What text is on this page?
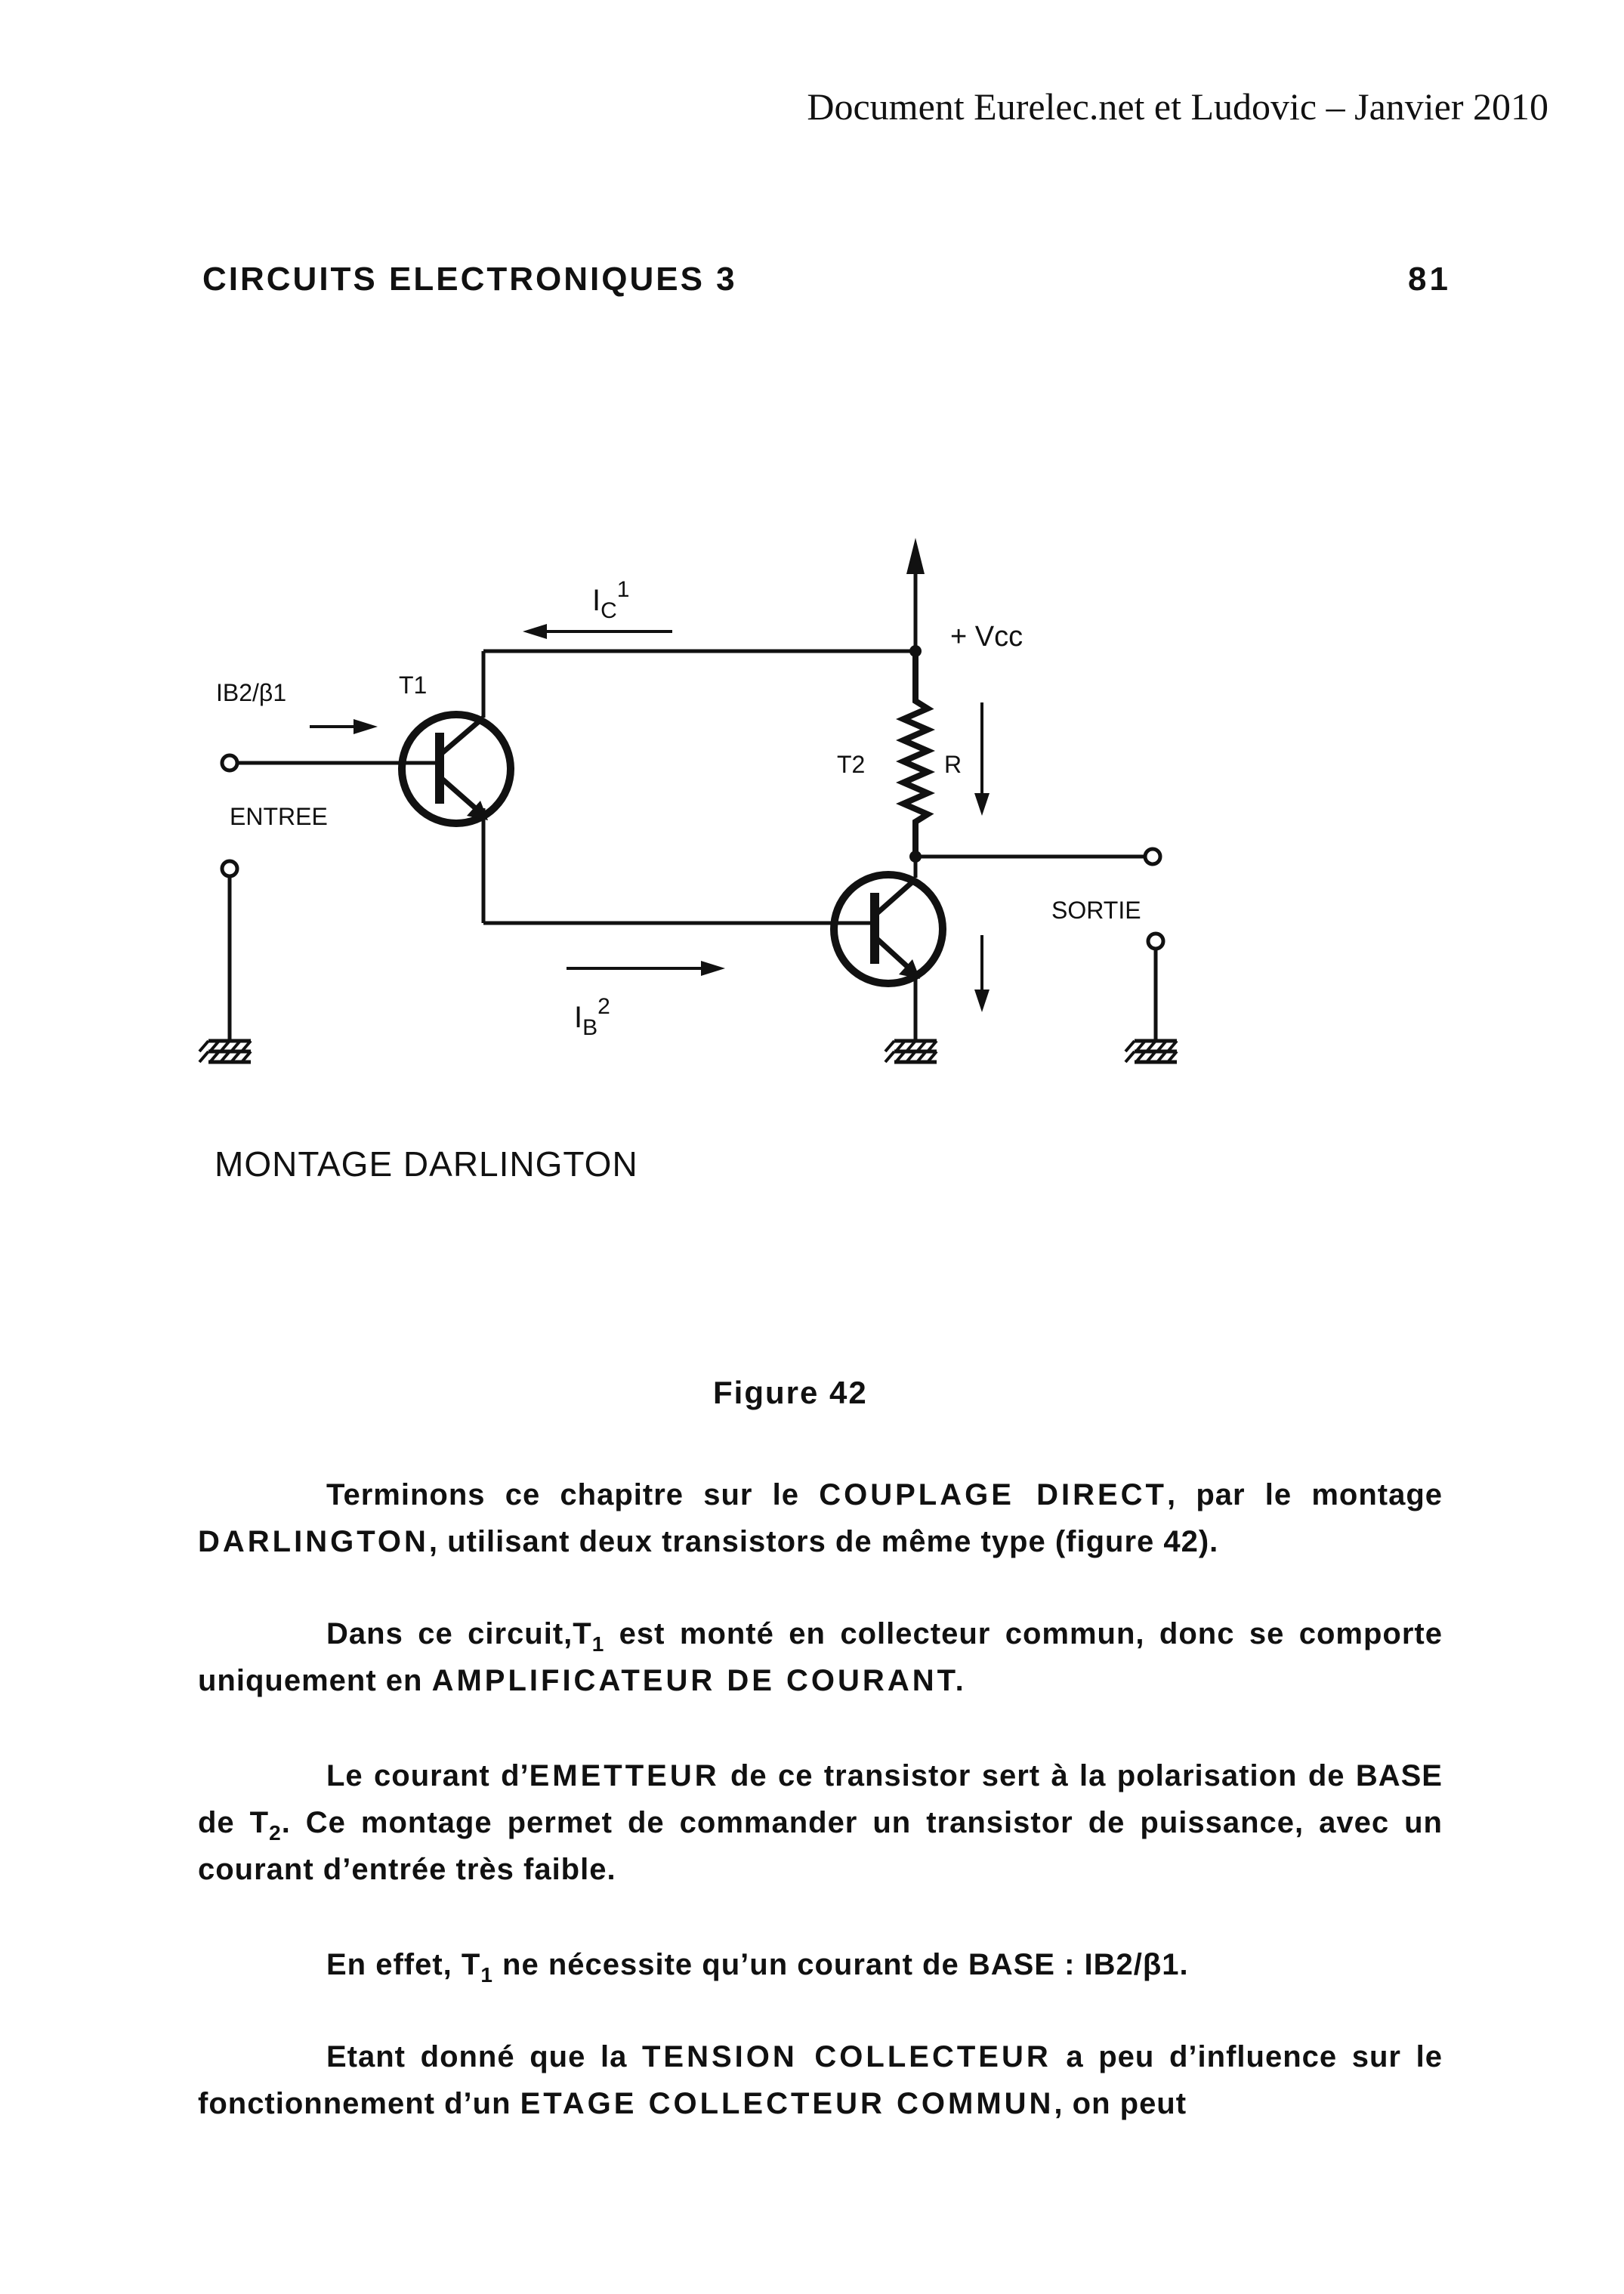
Document Eurelec.net et Ludovic – Janvier 2010
CIRCUITS ELECTRONIQUES 3	81
$I_C^1$
+ Vcc
IB2/β1
ENTREE
T1
$I_B^2$
T2	R
SORTIE
MONTAGE DARLINGTON
Figure 42
Terminons ce chapitre sur le COUPLAGE DIRECT, par le montage DARLINGTON, utilisant deux transistors de même type (figure 42).
Dans ce $circuit,T_1$ est monté en collecteur commun, donc se comporte uniquement en AMPLIFICATEUR DE COURANT.
Le courant d’EMETTEUR de ce transistor sert à la polarisation de BASE de $T_2$. Ce montage permet de commander un transistor de puissance, avec un courant d’entrée très faible.
En effet, $T_1$ ne nécessite qu’un courant de BASE : IB2/β1.
Etant donné que la TENSION COLLECTEUR a peu d’influence sur le fonctionnement d’un ETAGE COLLECTEUR COMMUN, on peut
